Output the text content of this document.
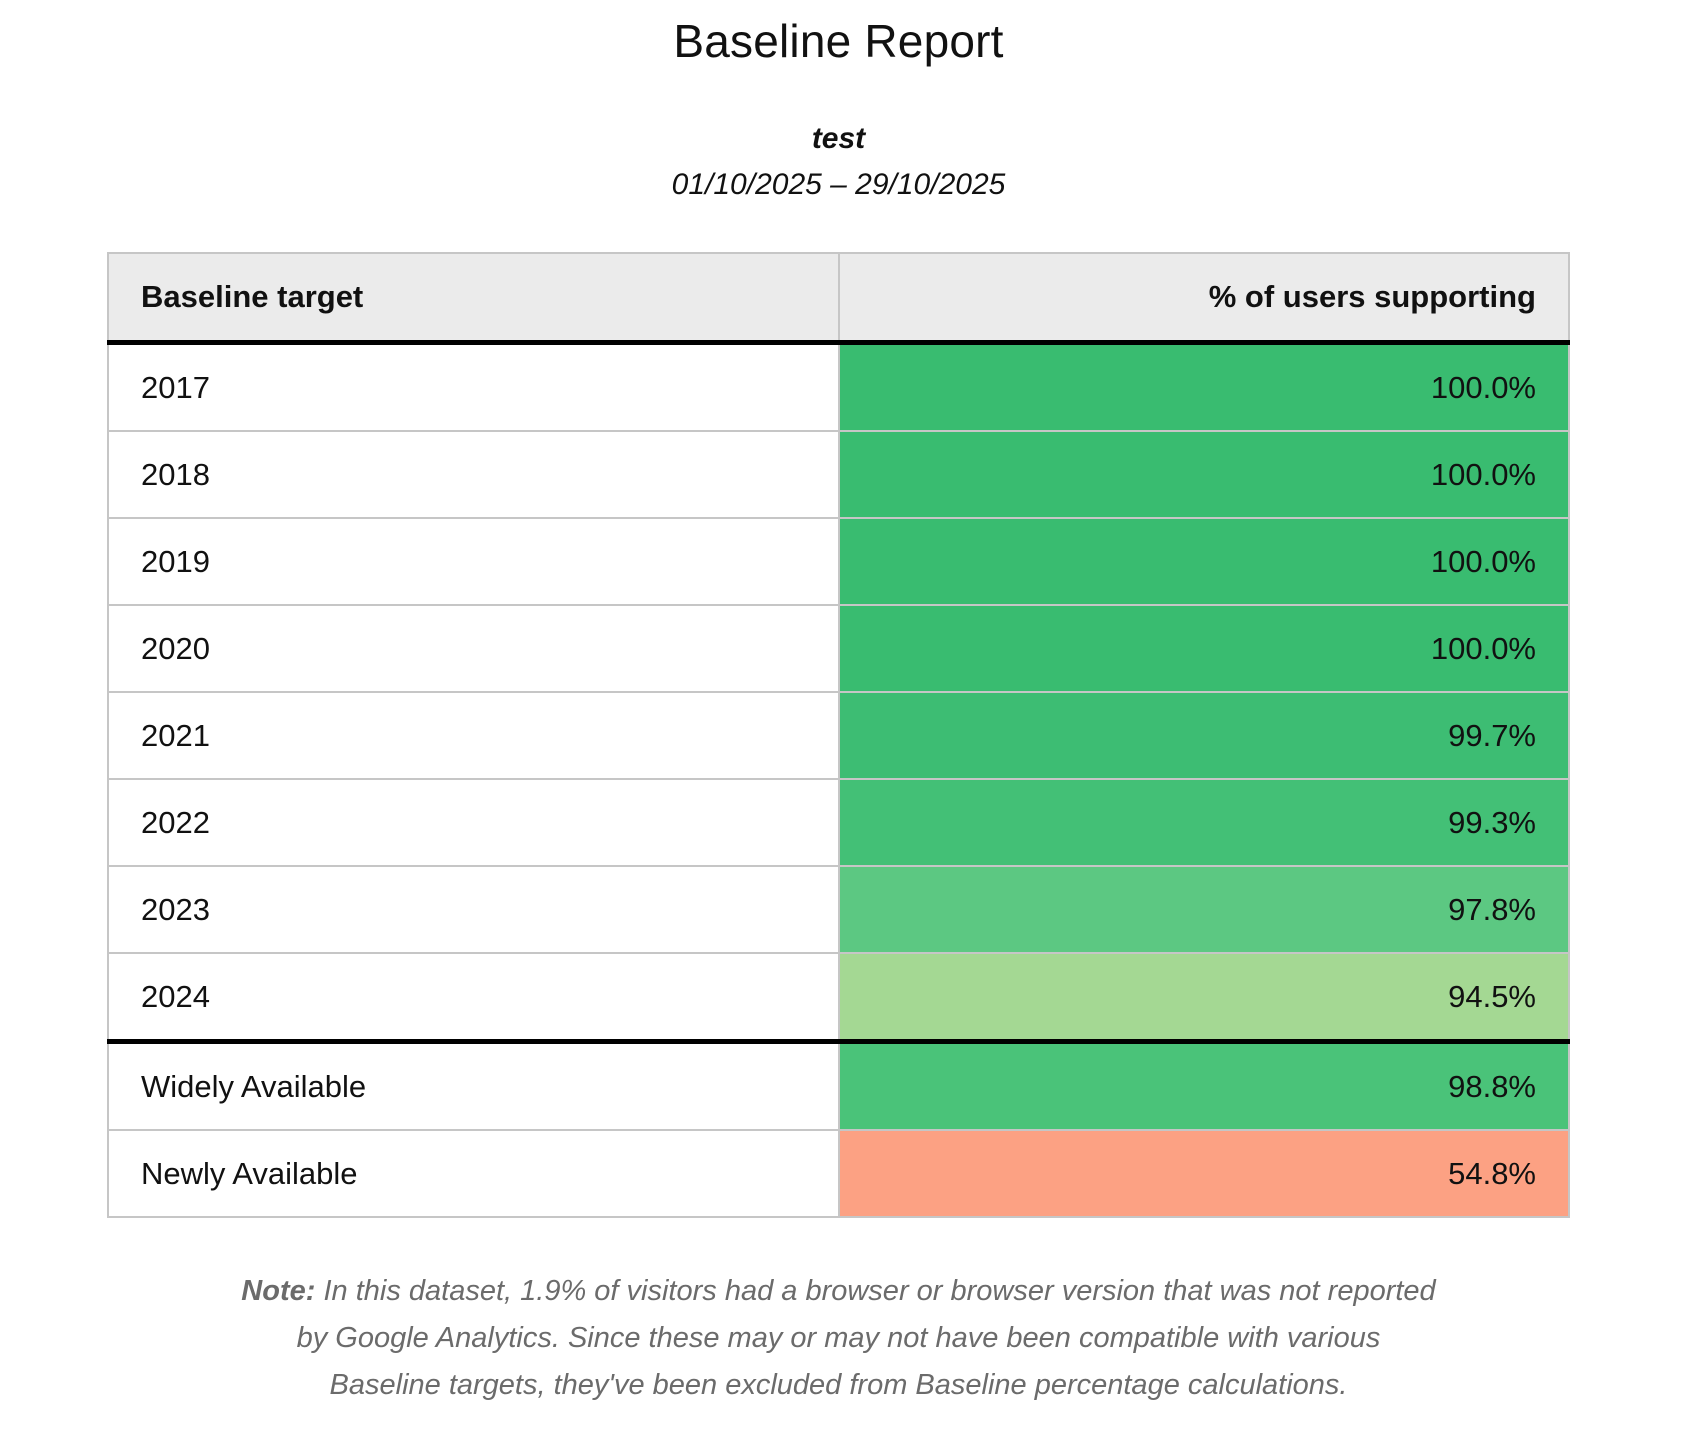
Baseline Report

test

01/10/2025 – 29/10/2025

Baseline target	% of users supporting
2017	100.0%
2018	100.0%
2019	100.0%
2020	100.0%
2021	99.7%
2022	99.3%
2023	97.8%
2024	94.5%
Widely Available	98.8%
Newly Available	54.8%

Note: In this dataset, 1.9% of visitors had a browser or browser version that was not reported by Google Analytics. Since these may or may not have been compatible with various Baseline targets, they've been excluded from Baseline percentage calculations.
